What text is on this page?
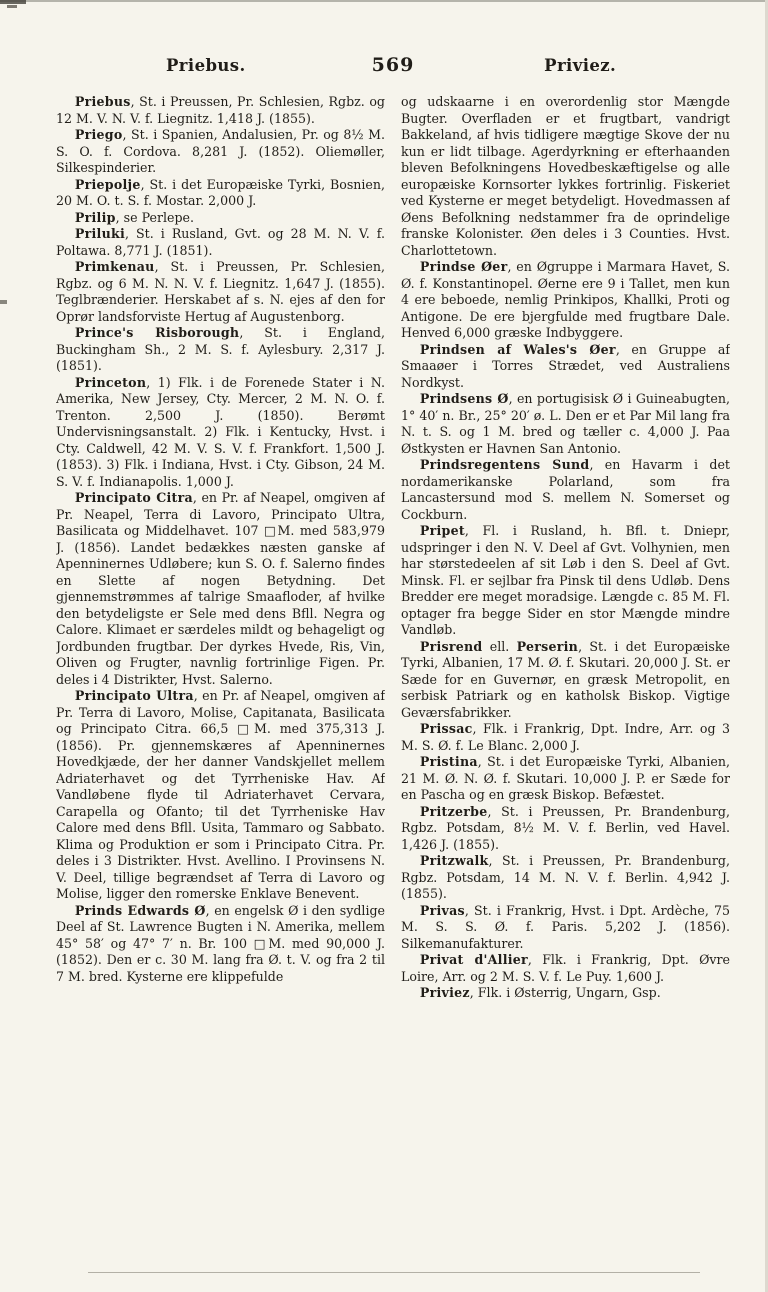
Priebus.	569	Priviez.

Priebus, St. i Preussen, Pr. Schlesien, Rgbz. og 12 M. V. N. V. f. Liegnitz. 1,418 J. (1855).

Priego, St. i Spanien, Andalusien, Pr. og 8½ M. S. O. f. Cordova. 8,281 J. (1852). Oliemøller, Silkespinderier.

Priepolje, St. i det Europæiske Tyrki, Bosnien, 20 M. O. t. S. f. Mostar. 2,000 J.

Prilip, se Perlepe.

Priluki, St. i Rusland, Gvt. og 28 M. N. V. f. Poltawa. 8,771 J. (1851).

Primkenau, St. i Preussen, Pr. Schlesien, Rgbz. og 6 M. N. N. V. f. Liegnitz. 1,647 J. (1855). Teglbrænderier. Herskabet af s. N. ejes af den for Oprør landsforviste Hertug af Augustenborg.

Prince's Risborough, St. i England, Buckingham Sh., 2 M. S. f. Aylesbury. 2,317 J. (1851).

Princeton, 1) Flk. i de Forenede Stater i N. Amerika, New Jersey, Cty. Mercer, 2 M. N. O. f. Trenton. 2,500 J. (1850). Berømt Undervisningsanstalt. 2) Flk. i Kentucky, Hvst. i Cty. Caldwell, 42 M. V. S. V. f. Frankfort. 1,500 J. (1853). 3) Flk. i Indiana, Hvst. i Cty. Gibson, 24 M. S. V. f. Indianapolis. 1,000 J.

Principato Citra, en Pr. af Neapel, omgiven af Pr. Neapel, Terra di Lavoro, Principato Ultra, Basilicata og Middelhavet. 107 □M. med 583,979 J. (1856). Landet bedækkes næsten ganske af Apenninernes Udløbere; kun S. O. f. Salerno findes en Slette af nogen Betydning. Det gjennemstrømmes af talrige Smaafloder, af hvilke den betydeligste er Sele med dens Bfll. Negra og Calore. Klimaet er særdeles mildt og behageligt og Jordbunden frugtbar. Der dyrkes Hvede, Ris, Vin, Oliven og Frugter, navnlig fortrinlige Figen. Pr. deles i 4 Distrikter, Hvst. Salerno.

Principato Ultra, en Pr. af Neapel, omgiven af Pr. Terra di Lavoro, Molise, Capitanata, Basilicata og Principato Citra. 66,5 □M. med 375,313 J. (1856). Pr. gjennemskæres af Apenninernes Hovedkjæde, der her danner Vandskjellet mellem Adriaterhavet og det Tyrrheniske Hav. Af Vandløbene flyde til Adriaterhavet Cervara, Carapella og Ofanto; til det Tyrrheniske Hav Calore med dens Bfll. Usita, Tammaro og Sabbato. Klima og Produktion er som i Principato Citra. Pr. deles i 3 Distrikter. Hvst. Avellino. I Provinsens N. V. Deel, tillige begrændset af Terra di Lavoro og Molise, ligger den romerske Enklave Benevent.

Prinds Edwards Ø, en engelsk Ø i den sydlige Deel af St. Lawrence Bugten i N. Amerika, mellem 45° 58′ og 47° 7′ n. Br. 100 □M. med 90,000 J. (1852). Den er c. 30 M. lang fra Ø. t. V. og fra 2 til 7 M. bred. Kysterne ere klippefulde

og udskaarne i en overordenlig stor Mængde Bugter. Overfladen er et frugtbart, vandrigt Bakkeland, af hvis tidligere mægtige Skove der nu kun er lidt tilbage. Agerdyrkning er efterhaanden bleven Befolkningens Hovedbeskæftigelse og alle europæiske Kornsorter lykkes fortrinlig. Fiskeriet ved Kysterne er meget betydeligt. Hovedmassen af Øens Befolkning nedstammer fra de oprindelige franske Kolonister. Øen deles i 3 Counties. Hvst. Charlottetown.

Prindse Øer, en Øgruppe i Marmara Havet, S. Ø. f. Konstantinopel. Øerne ere 9 i Tallet, men kun 4 ere beboede, nemlig Prinkipos, Khallki, Proti og Antigone. De ere bjergfulde med frugtbare Dale. Henved 6,000 græske Indbyggere.

Prindsen af Wales's Øer, en Gruppe af Smaaøer i Torres Strædet, ved Australiens Nordkyst.

Prindsens Ø, en portugisisk Ø i Guineabugten, 1° 40′ n. Br., 25° 20′ ø. L. Den er et Par Mil lang fra N. t. S. og 1 M. bred og tæller c. 4,000 J. Paa Østkysten er Havnen San Antonio.

Prindsregentens Sund, en Havarm i det nordamerikanske Polarland, som fra Lancastersund mod S. mellem N. Somerset og Cockburn.

Pripet, Fl. i Rusland, h. Bfl. t. Dniepr, udspringer i den N. V. Deel af Gvt. Volhynien, men har størstedeelen af sit Løb i den S. Deel af Gvt. Minsk. Fl. er sejlbar fra Pinsk til dens Udløb. Dens Bredder ere meget moradsige. Længde c. 85 M. Fl. optager fra begge Sider en stor Mængde mindre Vandløb.

Prisrend ell. Perserin, St. i det Europæiske Tyrki, Albanien, 17 M. Ø. f. Skutari. 20,000 J. St. er Sæde for en Guvernør, en græsk Metropolit, en serbisk Patriark og en katholsk Biskop. Vigtige Geværsfabrikker.

Prissac, Flk. i Frankrig, Dpt. Indre, Arr. og 3 M. S. Ø. f. Le Blanc. 2,000 J.

Pristina, St. i det Europæiske Tyrki, Albanien, 21 M. Ø. N. Ø. f. Skutari. 10,000 J. P. er Sæde for en Pascha og en græsk Biskop. Befæstet.

Pritzerbe, St. i Preussen, Pr. Brandenburg, Rgbz. Potsdam, 8½ M. V. f. Berlin, ved Havel. 1,426 J. (1855).

Pritzwalk, St. i Preussen, Pr. Brandenburg, Rgbz. Potsdam, 14 M. N. V. f. Berlin. 4,942 J. (1855).

Privas, St. i Frankrig, Hvst. i Dpt. Ardèche, 75 M. S. S. Ø. f. Paris. 5,202 J. (1856). Silkemanufakturer.

Privat d'Allier, Flk. i Frankrig, Dpt. Øvre Loire, Arr. og 2 M. S. V. f. Le Puy. 1,600 J.

Priviez, Flk. i Østerrig, Ungarn, Gsp.
